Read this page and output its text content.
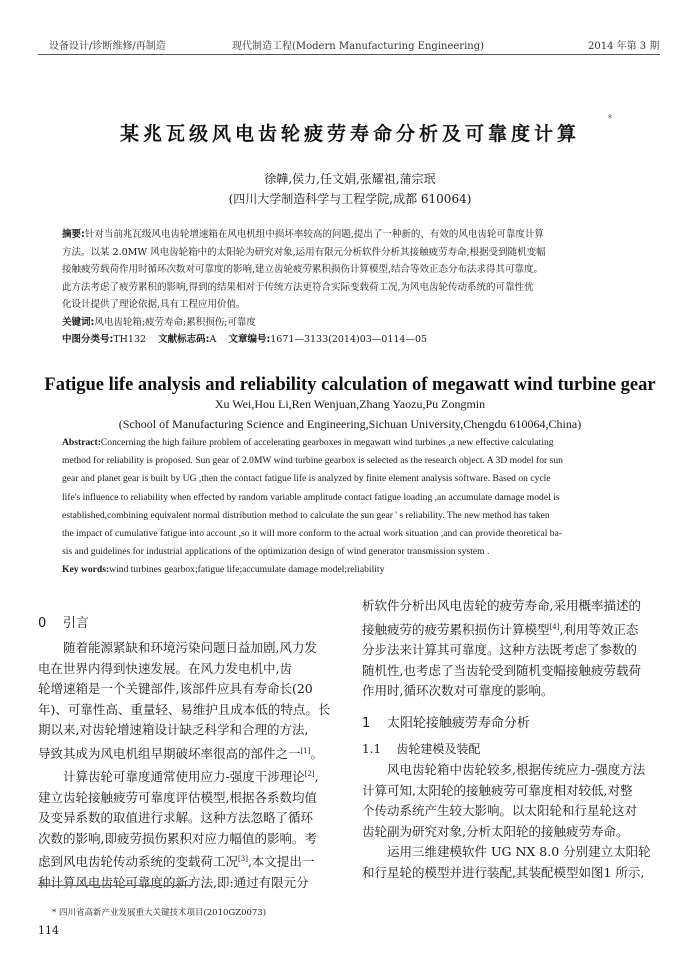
设备设计/诊断维修/再制造	现代制造工程(Modern Manufacturing Engineering)	2014 年第 3 期
某兆瓦级风电齿轮疲劳寿命分析及可靠度计算
*
徐韡,侯力,任文娟,张耀祖,蒲宗珉
(四川大学制造科学与工程学院,成都 610064)

摘要:针对当前兆瓦级风电齿轮增速箱在风电机组中损坏率较高的问题,提出了一种新的、有效的风电齿轮可靠度计算

方法。以某 2.0MW 风电齿轮箱中的太阳轮为研究对象,运用有限元分析软件分析其接触疲劳寿命,根据受到随机变幅

接触疲劳载荷作用时循环次数对可靠度的影响,建立齿轮疲劳累积损伤计算模型,结合等效正态分布法求得其可靠度。

此方法考虑了疲劳累积的影响,得到的结果相对于传统方法更符合实际变载荷工况,为风电齿轮传动系统的可靠性优

化设计提供了理论依据,具有工程应用价值。

关键词:风电齿轮箱;疲劳寿命;累积损伤;可靠度

中图分类号:TH132 文献标志码:A 文章编号:1671—3133(2014)03—0114—05

Fatigue life analysis and reliability calculation of megawatt wind turbine gear
Xu Wei,Hou Li,Ren Wenjuan,Zhang Yaozu,Pu Zongmin
(School of Manufacturing Science and Engineering,Sichuan University,Chengdu 610064,China)

Abstract:Concerning the high failure problem of accelerating gearboxes in megawatt wind turbines ,a new effective calculating

method for reliability is proposed. Sun gear of 2.0MW wind turbine gearbox is selected as the research object. A 3D model for sun

gear and planet gear is built by UG ,then the contact fatigue life is analyzed by finite element analysis software. Based on cycle

life's influence to reliability when effected by random variable amplitude contact fatigue loading ,an accumulate damage model is

established,combining equivalent normal distribution method to calculate the sun gear ' s reliability. The new method has taken

the impact of cumulative fatigue into account ,so it will more conform to the actual work situation ,and can provide theoretical ba-

sis and guidelines for industrial applications of the optimization design of wind generator transmission system .

Key words:wind turbines gearbox;fatigue life;accumulate damage model;reliability

0 引言

随着能源紧缺和环境污染问题日益加剧,风力发

电在世界内得到快速发展。在风力发电机中,齿

轮增速箱是一个关键部件,该部件应具有寿命长(20

年)、可靠性高、重量轻、易维护且成本低的特点。长

期以来,对齿轮增速箱设计缺乏科学和合理的方法,

导致其成为风电机组早期破坏率很高的部件之一[1]。

计算齿轮可靠度通常使用应力-强度干涉理论[2],

建立齿轮接触疲劳可靠度评估模型,根据各系数均值

及变异系数的取值进行求解。这种方法忽略了循环

次数的影响,即疲劳损伤累积对应力幅值的影响。考

虑到风电齿轮传动系统的变载荷工况[3],本文提出一

种计算风电齿轮可靠度的新方法,即:通过有限元分

析软件分析出风电齿轮的疲劳寿命,采用概率描述的

接触疲劳的疲劳累积损伤计算模型[4],利用等效正态

分步法来计算其可靠度。这种方法既考虑了参数的

随机性,也考虑了当齿轮受到随机变幅接触疲劳载荷

作用时,循环次数对可靠度的影响。

1 太阳轮接触疲劳寿命分析
1.1 齿轮建模及装配

风电齿轮箱中齿轮较多,根据传统应力-强度方法

计算可知,太阳轮的接触疲劳可靠度相对较低,对整

个传动系统产生较大影响。以太阳轮和行星轮这对

齿轮副为研究对象,分析太阳轮的接触疲劳寿命。

运用三维建模软件 UG NX 8.0 分别建立太阳轮

和行星轮的模型并进行装配,其装配模型如图1 所示,

* 四川省高新产业发展重大关键技术项目(2010GZ0073)
114
